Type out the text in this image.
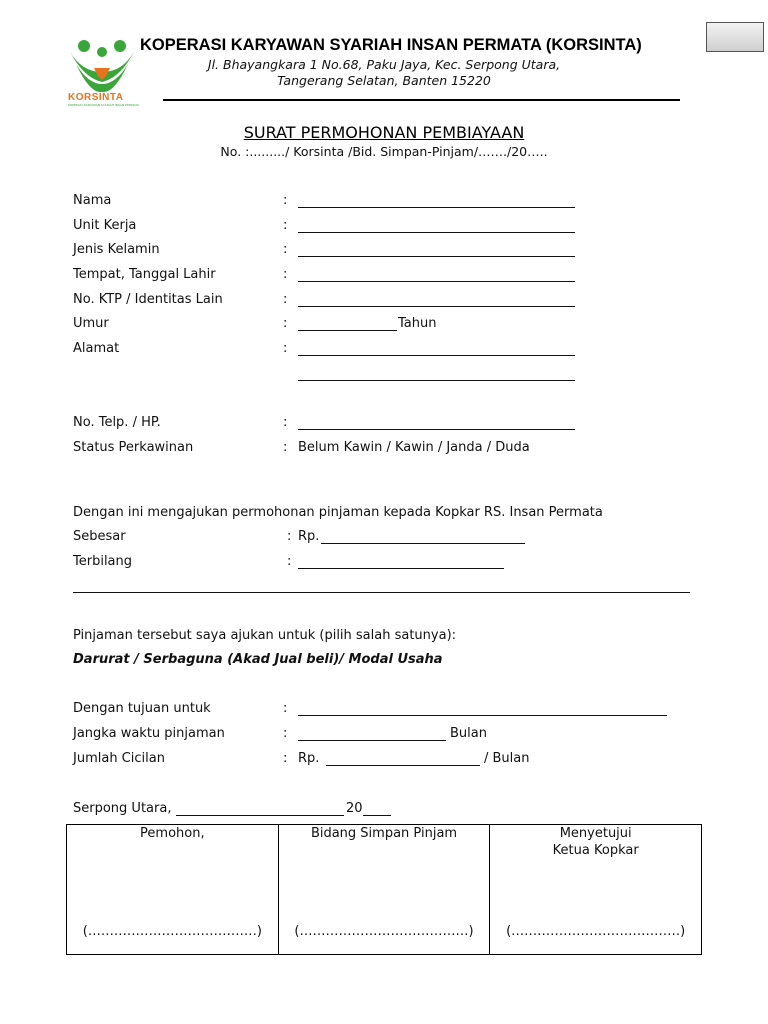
KORSINTA
KOPERASI KARYAWAN SYARIAH INSAN PERMATA
KOPERASI KARYAWAN SYARIAH INSAN PERMATA (KORSINTA)
Jl. Bhayangkara 1 No.68, Paku Jaya, Kec. Serpong Utara,
Tangerang Selatan, Banten 15220
SURAT PERMOHONAN PEMBIAYAAN
No. :........./ Korsinta /Bid. Simpan-Pinjam/……./20…..
Nama	:
Unit Kerja	:
Jenis Kelamin	:
Tempat, Tanggal Lahir	:
No. KTP / Identitas Lain	:
Umur	:	Tahun
Alamat	:
No. Telp. / HP.	:
Status Perkawinan	: Belum Kawin / Kawin / Janda / Duda
Dengan ini mengajukan permohonan pinjaman kepada Kopkar RS. Insan Permata
Sebesar	: Rp.
Terbilang	:
Pinjaman tersebut saya ajukan untuk (pilih salah satunya):
Darurat / Serbaguna (Akad Jual beli)/ Modal Usaha
Dengan tujuan untuk	:
Jangka waktu pinjaman	:	Bulan
Jumlah Cicilan	: Rp.	/ Bulan
Serpong Utara,	20
Pemohon,
(…………………………………)
Bidang Simpan Pinjam
(…………………………………)
Menyetujui
Ketua Kopkar
(…………………………………)
